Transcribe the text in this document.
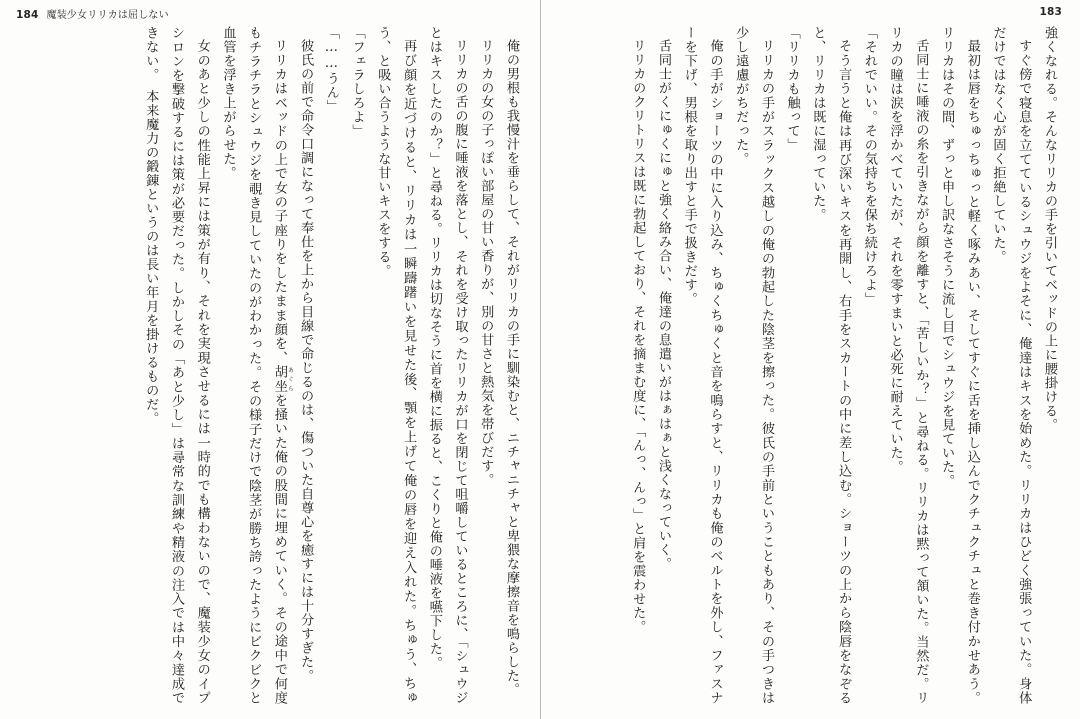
184 魔装少女リリカは屈しない

俺の男根も我慢汁を垂らして、それがリリカの手に馴染むと、ニチャニチャと卑猥な摩擦音を鳴らした。

リリカの女の子っぽい部屋の甘い香りが、別の甘さと熱気を帯びだす。

リリカの舌の腹に唾液を落とし、それを受け取ったリリカが口を閉じて咀嚼しているところに、「シュウジとはキスしたのか？」と尋ねる。リリカは切なそうに首を横に振ると、こくりと俺の唾液を嚥下した。

再び顔を近づけると、リリカは一瞬躊躇いを見せた後、顎を上げて俺の唇を迎え入れた。ちゅう、ちゅう、と吸い合うような甘いキスをする。

「フェラしろよ」

「……うん」

彼氏の前で命令口調になって奉仕を上から目線で命じるのは、傷ついた自尊心を癒すには十分すぎた。

リリカはベッドの上で女の子座りをしたまま顔を、胡坐 あぐらを掻いた俺の股間に埋めていく。その途中で何度もチラチラとシュウジを覗き見していたのがわかった。その様子だけで陰茎が勝ち誇ったようにビクビクと血管を浮き上がらせた。

女のあと少しの性能上昇には策が有り、それを実現させるには一時的でも構わないので、魔装少女のイプシロンを撃破するには策が必要だった。しかしその「あと少し」は尋常な訓練や精液の注入では中々達成できない。　本来魔力の鍛錬というのは長い年月を掛けるものだ。

183

強くなれる。そんなリリカの手を引いてベッドの上に腰掛ける。

すぐ傍で寝息を立てているシュウジをよそに、俺達はキスを始めた。リリカはひどく強張っていた。身体だけではなく心が固く拒絶していた。

最初は唇をちゅっちゅっと軽く啄みあい、そしてすぐに舌を挿し込んでクチュクチュと巻き付かせあう。リリカはその間、ずっと申し訳なさそうに流し目でシュウジを見ていた。

舌同士に唾液の糸を引きながら顔を離すと、「苦しいか？」と尋ねる。リリカは黙って頷いた。当然だ。リリカの瞳は涙を浮かべていたが、それを零すまいと必死に耐えていた。

「それでいい。その気持ちを保ち続けろよ」

そう言うと俺は再び深いキスを再開し、右手をスカートの中に差し込む。ショーツの上から陰唇をなぞると、リリカは既に湿っていた。

「リリカも触って」

リリカの手がスラックス越しの俺の勃起した陰茎を擦った。彼氏の手前ということもあり、その手つきは少し遠慮がちだった。

俺の手がショーツの中に入り込み、ちゅくちゅくと音を鳴らすと、リリカも俺のベルトを外し、ファスナーを下げ、男根を取り出すと手で扱きだす。

舌同士がくにゅくにゅと強く絡み合い、俺達の息遣いがはぁはぁと浅くなっていく。

リリカのクリトリスは既に勃起しており、それを摘まむ度に、「んっ、んっ」と肩を震わせた。
